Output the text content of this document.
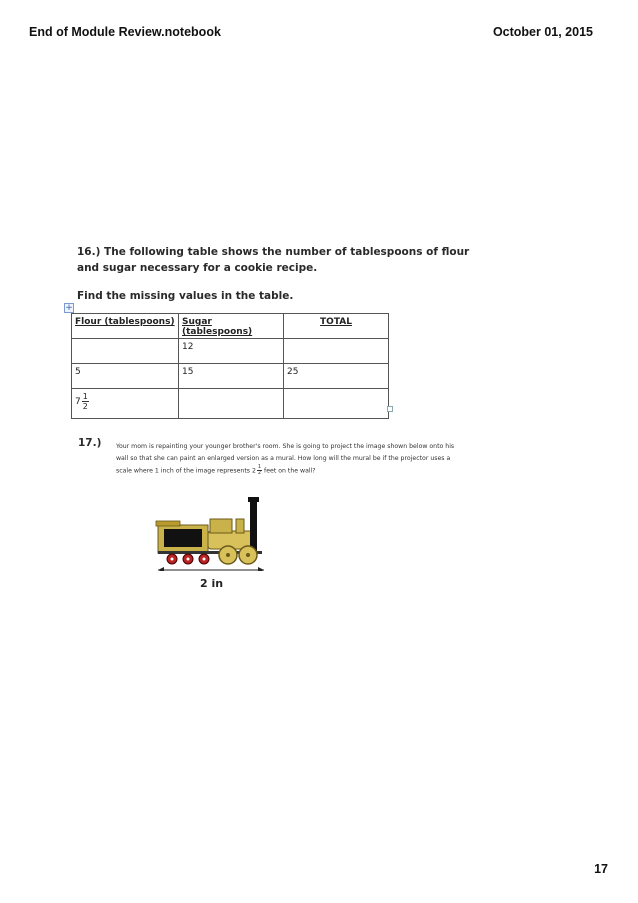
End of Module Review.notebook	October 01, 2015
16.) The following table shows the number of tablespoons of flour and sugar necessary for a cookie recipe.
Find the missing values in the table.
+
Flour (tablespoons)	Sugar (tablespoons)	TOTAL
	12	
5	15	25
$7 \frac{1}{2}$

17.) Your mom is repainting your younger brother's room. She is going to project the image shown below onto his wall so that she can paint an enlarged version as a mural. How long will the mural be if the projector uses a scale where 1 inch of the image represents $2 \frac{1}{2}$ feet on the wall?
2 in
17
